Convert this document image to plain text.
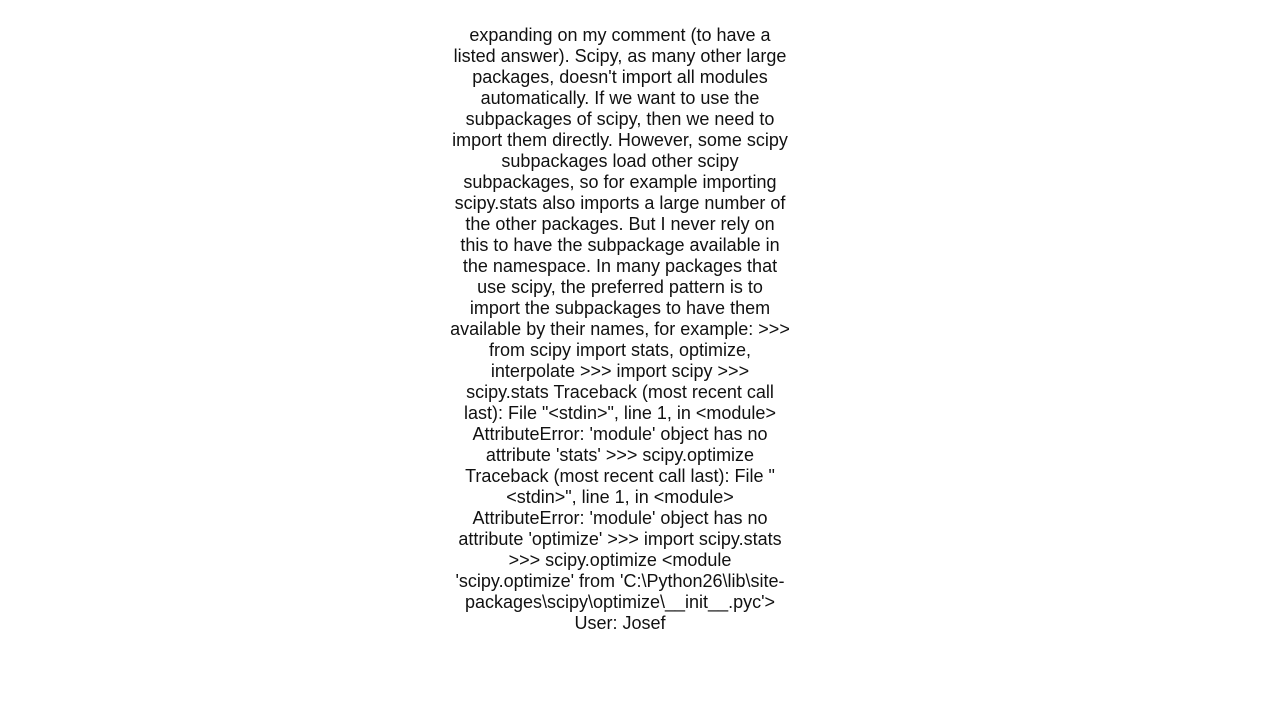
expanding on my comment (to have a listed answer). Scipy, as many other large packages, doesn't import all modules automatically. If we want to use the subpackages of scipy, then we need to import them directly. However, some scipy subpackages load other scipy subpackages, so for example importing scipy.stats also imports a large number of the other packages. But I never rely on this to have the subpackage available in the namespace. In many packages that use scipy, the preferred pattern is to import the subpackages to have them available by their names, for example: >>> from scipy import stats, optimize, interpolate >>> import scipy >>> scipy.stats Traceback (most recent call last): File "<stdin>", line 1, in <module> AttributeError: 'module' object has no attribute 'stats' >>> scipy.optimize Traceback (most recent call last): File "<stdin>", line 1, in <module> AttributeError: 'module' object has no attribute 'optimize' >>> import scipy.stats >>> scipy.optimize <module 'scipy.optimize' from 'C:\Python26\lib\site-packages\scipy\optimize\__init__.pyc'>

User: Josef
